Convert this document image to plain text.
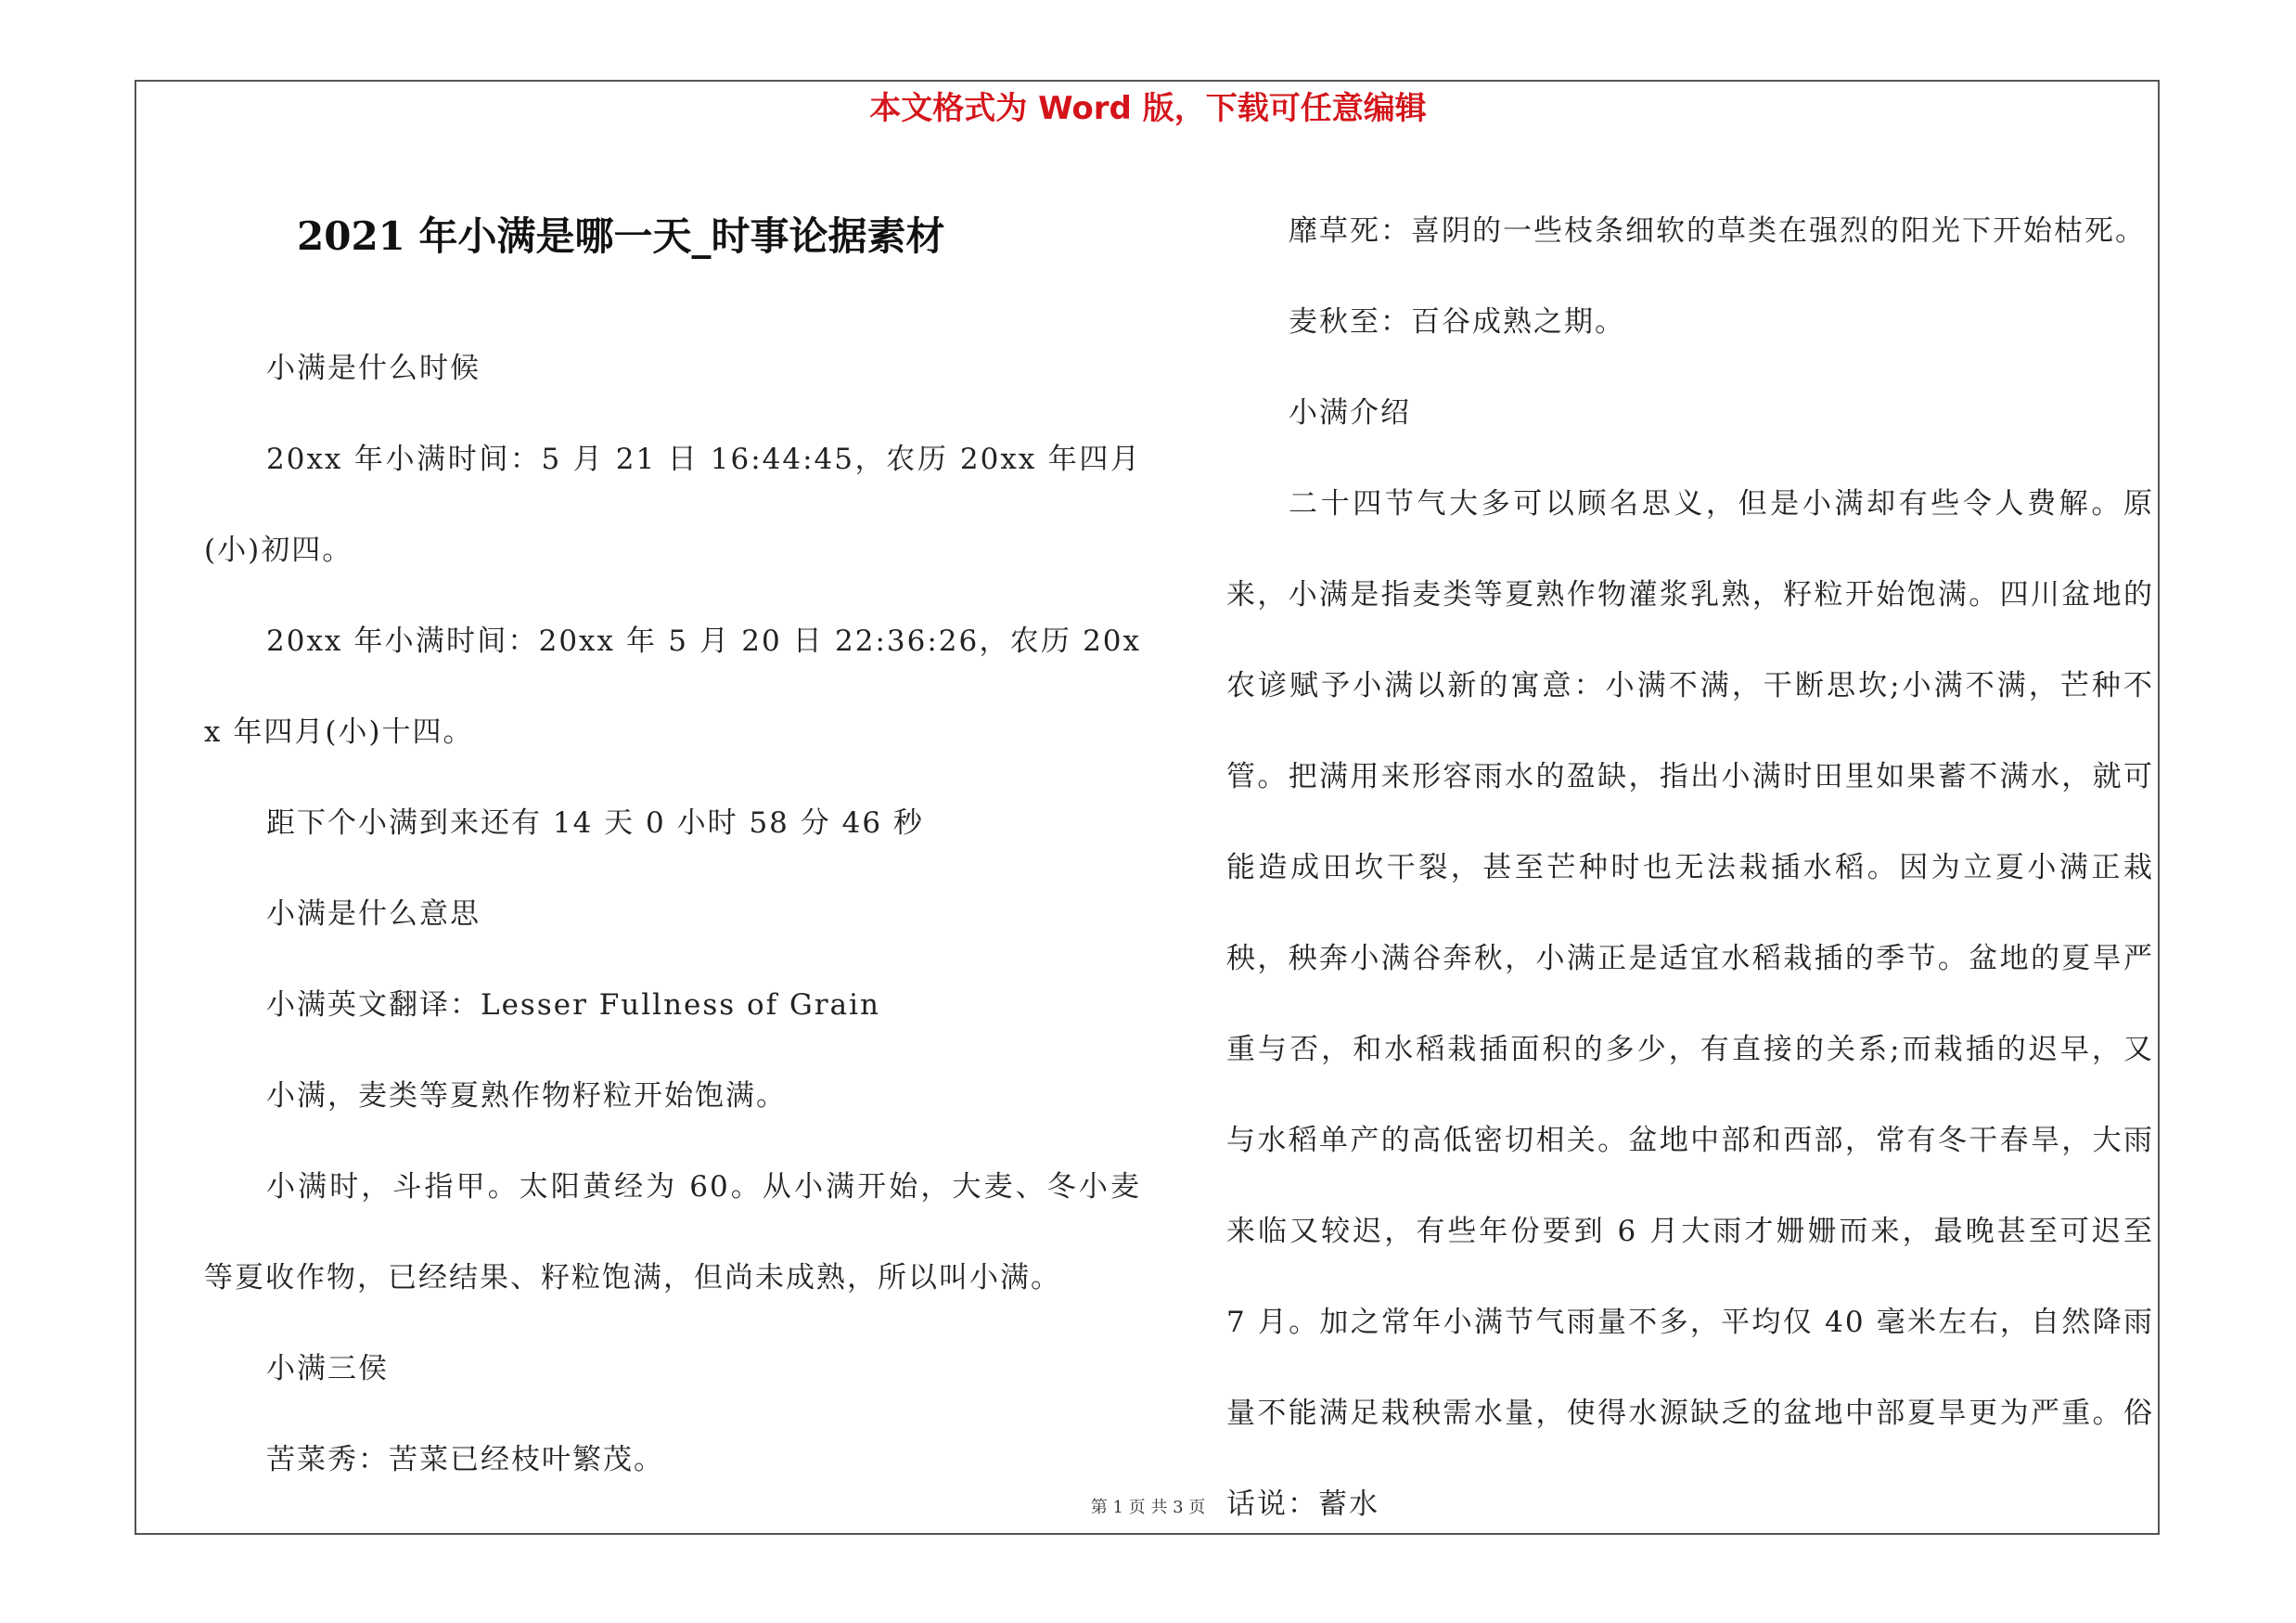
本文格式为 Word 版，下载可任意编辑
2021 年小满是哪一天_时事论据素材

小满是什么时候

20xx 年小满时间：5 月 21 日 16:44:45，农历 20xx 年四月(小)初四。

20xx 年小满时间：20xx 年 5 月 20 日 22:36:26，农历 20xx 年四月(小)十四。

距下个小满到来还有 14 天 0 小时 58 分 46 秒

小满是什么意思

小满英文翻译：Lesser Fullness of Grain

小满，麦类等夏熟作物籽粒开始饱满。

小满时，斗指甲。太阳黄经为 60。从小满开始，大麦、冬小麦等夏收作物，已经结果、籽粒饱满，但尚未成熟，所以叫小满。

小满三侯

苦菜秀：苦菜已经枝叶繁茂。

靡草死：喜阴的一些枝条细软的草类在强烈的阳光下开始枯死。

麦秋至：百谷成熟之期。

小满介绍

二十四节气大多可以顾名思义，但是小满却有些令人费解。原来，小满是指麦类等夏熟作物灌浆乳熟，籽粒开始饱满。四川盆地的农谚赋予小满以新的寓意：小满不满，干断思坎;小满不满，芒种不管。把满用来形容雨水的盈缺，指出小满时田里如果蓄不满水，就可能造成田坎干裂，甚至芒种时也无法栽插水稻。因为立夏小满正栽秧，秧奔小满谷奔秋，小满正是适宜水稻栽插的季节。盆地的夏旱严重与否，和水稻栽插面积的多少，有直接的关系;而栽插的迟早，又与水稻单产的高低密切相关。盆地中部和西部，常有冬干春旱，大雨来临又较迟，有些年份要到 6 月大雨才姗姗而来，最晚甚至可迟至 7 月。加之常年小满节气雨量不多，平均仅 40 毫米左右，自然降雨量不能满足栽秧需水量，使得水源缺乏的盆地中部夏旱更为严重。俗话说：蓄水

第 1 页 共 3 页
